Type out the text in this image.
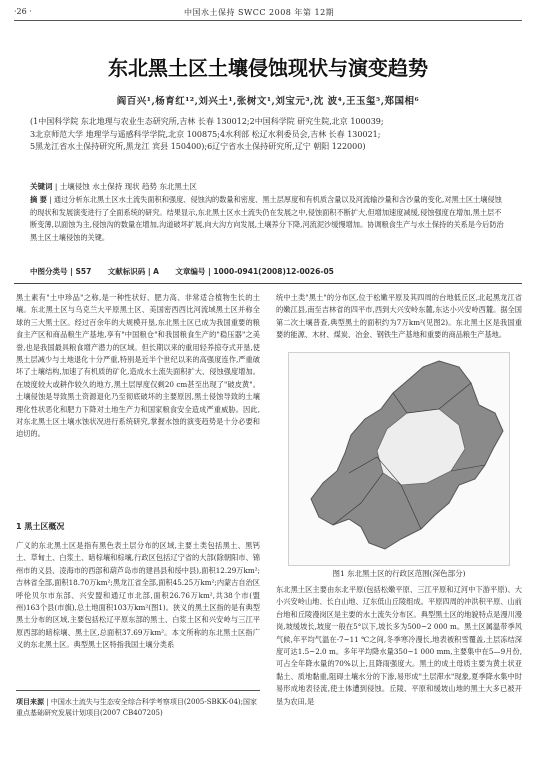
·26 ·	中国水土保持 SWCC 2008 年第 12期
东北黑土区土壤侵蚀现状与演变趋势
阎百兴¹,杨育红¹²,刘兴土¹,张树文¹,刘宝元³,沈 波⁴,王玉玺⁵,郑国相⁶
(1中国科学院 东北地理与农业生态研究所,吉林 长春 130012;2中国科学院 研究生院,北京 100039;
3北京师范大学 地理学与遥感科学学院,北京 100875;4水利部 松辽水利委员会,吉林 长春 130021;
5黑龙江省水土保持研究所,黑龙江 宾县 150400);6辽宁省水土保持研究所,辽宁 朝阳 122000)
关键词 | 土壤侵蚀 水土保持 现状 趋势 东北黑土区
摘 要 | 通过分析东北黑土区水土流失面积和强度、侵蚀沟的数量和密度、黑土层厚度和有机质含量以及河流输沙量和含沙量的变化,对黑土区土壤侵蚀的现状和发展演变进行了全面系统的研究。结果显示,东北黑土区水土流失仍在发展之中,侵蚀面积不断扩大,但增加速度减缓,侵蚀强度在增加,黑土层不断变薄,以面蚀为主,侵蚀沟的数量在增加,沟道破坏扩展,向大沟方向发展,土壤养分下降,河流泥沙缓慢增加。协调粮食生产与水土保持的关系是今后防治黑土区土壤侵蚀的关键。
中图分类号 | S57 文献标识码 | A 文章编号 | 1000-0941(2008)12-0026-05
黑土素有"土中珍品"之称,是一种性状好、肥力高、非常适合植物生长的土壤。东北黑土区与乌克兰大平原黑土区、美国密西西比河流域黑土区并称全球的三大黑土区。经过百余年的大规模开垦,东北黑土区已成为我国重要的粮食主产区和商品粮生产基地,享有"中国粮仓"和我国粮食生产的"稳压器"之美誉,也是我国最具粮食增产潜力的区域。但长期以来的重用轻养掠夺式开垦,使黑土层减少与土地退化十分严重,特别是近半个世纪以来的高强度连作,严重破坏了土壤结构,加速了有机质的矿化,造成水土流失面积扩大、侵蚀强度增加。在坡度较大或耕作较久的地方,黑土层厚度仅剩20 cm甚至出现了"破皮黄"。土壤侵蚀是导致黑土资源退化乃至彻底破坏的主要原因,黑土侵蚀导致的土壤理化性状恶化和肥力下降对土地生产力和国家粮食安全造成严重威胁。因此,对东北黑土区土壤水蚀状况进行系统研究,掌握水蚀的演变趋势是十分必要和迫切的。
1 黑土区概况
广义的东北黑土区是指有黑色表土层分布的区域,主要土类包括黑土、黑钙土、草甸土、白浆土、暗棕壤和棕壤,行政区包括辽宁省的大部(除朝阳市、锦州市的义县、凌海市的西部和葫芦岛市的建昌县和绥中县),面积12.29万km²;吉林省全部,面积18.70万km²;黑龙江省全部,面积45.25万km²;内蒙古自治区呼伦贝尔市东部、兴安盟和通辽市北部,面积26.76万km²,共38个市(盟州)163个县(市旗),总土地面积103万km²(图1)。狭义的黑土区指的是有典型黑土分布的区域,主要包括松辽平原东部的黑土、白浆土区和兴安岭与三江平原西部的暗棕壤、黑土区,总面积37.69万km²。本文所称的东北黑土区指广义的东北黑土区。典型黑土区特指我国土壤分类系
统中土类"黑土"的分布区,位于松嫩平原及其四周的台地低丘区,北起黑龙江省的嫩江县,南至吉林省的四平市,西到大兴安岭东麓,东达小兴安岭西麓。据全国第二次土壤普查,典型黑土的面积约为7万km²(见图2)。东北黑土区是我国重要的能源、木材、煤炭、冶金、钢铁生产基地和重要的商品粮生产基地。
图1 东北黑土区的行政区范围(深色部分)
东北黑土区主要由东北平原(包括松嫩平原、三江平原和辽河中下游平原)、大小兴安岭山地、长白山地、辽东低山丘陵组成。平原四周的冲洪积平原、山前台地和丘陵漫岗区是主要的水土流失分布区。典型黑土区的地貌特点是漫川漫岗,坡缓坡长,坡度一般在5°以下,坡长多为500~2 000 m。黑土区属温带季风气候,年平均气温在-7~11 ℃之间,冬季寒冷漫长,地表被积雪覆盖,土层冻结深度可达1.5~2.0 m。多年平均降水量350~1 000 mm,主要集中在5—9月份,可占全年降水量的70%以上,且降雨强度大。黑土的成土母质主要为黄土状亚黏土、质地黏重,阻碍土壤水分的下渗,易形成"土层滞水"现象,夏季降水集中时易形成地表径流,使土体遭到侵蚀。丘陵、平原和缓坡山地的黑土大多已被开垦为农田,是
项目来源 | 中国水土流失与生态安全综合科学考察项目(2005-SBKK-04);国家重点基础研究发展计划项目(2007 CB407205)
